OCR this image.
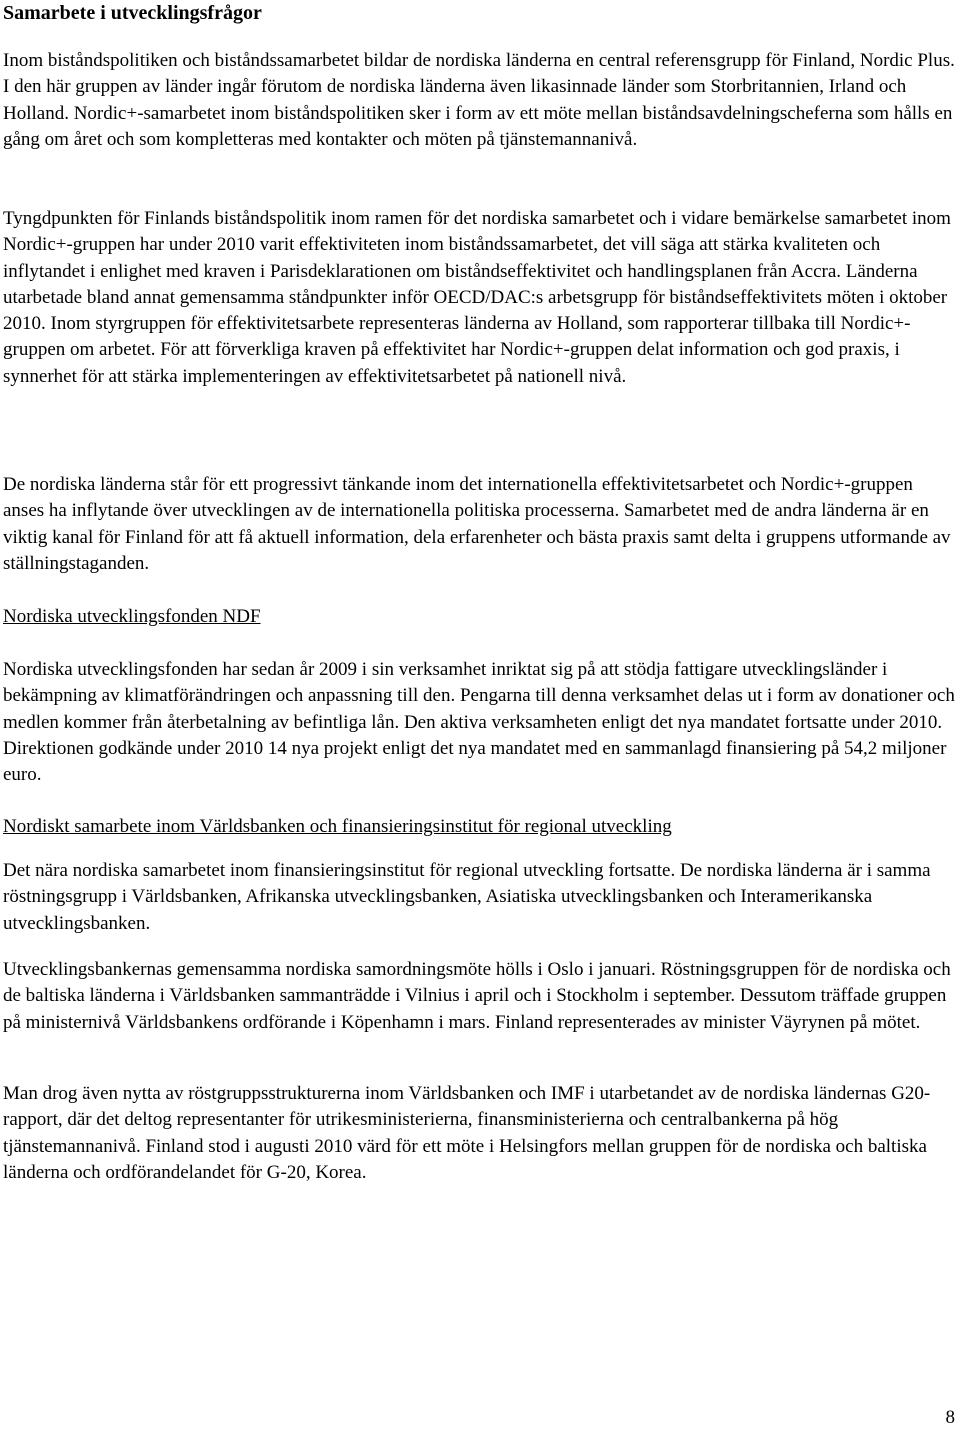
Samarbete i utvecklingsfrågor

Inom biståndspolitiken och biståndssamarbetet bildar de nordiska länderna en central referensgrupp för Finland, Nordic Plus. I den här gruppen av länder ingår förutom de nordiska länderna även likasinnade länder som Storbritannien, Irland och Holland. Nordic+-samarbetet inom biståndspolitiken sker i form av ett möte mellan biståndsavdelningscheferna som hålls en gång om året och som kompletteras med kontakter och möten på tjänstemannanivå.

Tyngdpunkten för Finlands biståndspolitik inom ramen för det nordiska samarbetet och i vidare bemärkelse samarbetet inom Nordic+-gruppen har under 2010 varit effektiviteten inom biståndssamarbetet, det vill säga att stärka kvaliteten och inflytandet i enlighet med kraven i Parisdeklarationen om biståndseffektivitet och handlingsplanen från Accra. Länderna utarbetade bland annat gemensamma ståndpunkter inför OECD/DAC:s arbetsgrupp för biståndseffektivitets möten i oktober 2010. Inom styrgruppen för effektivitetsarbete representeras länderna av Holland, som rapporterar tillbaka till Nordic+-gruppen om arbetet. För att förverkliga kraven på effektivitet har Nordic+-gruppen delat information och god praxis, i synnerhet för att stärka implementeringen av effektivitetsarbetet på nationell nivå.

De nordiska länderna står för ett progressivt tänkande inom det internationella effektivitetsarbetet och Nordic+-gruppen anses ha inflytande över utvecklingen av de internationella politiska processerna. Samarbetet med de andra länderna är en viktig kanal för Finland för att få aktuell information, dela erfarenheter och bästa praxis samt delta i gruppens utformande av ställningstaganden.

Nordiska utvecklingsfonden NDF

Nordiska utvecklingsfonden har sedan år 2009 i sin verksamhet inriktat sig på att stödja fattigare utvecklingsländer i bekämpning av klimatförändringen och anpassning till den. Pengarna till denna verksamhet delas ut i form av donationer och medlen kommer från återbetalning av befintliga lån. Den aktiva verksamheten enligt det nya mandatet fortsatte under 2010. Direktionen godkände under 2010 14 nya projekt enligt det nya mandatet med en sammanlagd finansiering på 54,2 miljoner euro.

Nordiskt samarbete inom Världsbanken och finansieringsinstitut för regional utveckling

Det nära nordiska samarbetet inom finansieringsinstitut för regional utveckling fortsatte. De nordiska länderna är i samma röstningsgrupp i Världsbanken, Afrikanska utvecklingsbanken, Asiatiska utvecklingsbanken och Interamerikanska utvecklingsbanken.

Utvecklingsbankernas gemensamma nordiska samordningsmöte hölls i Oslo i januari. Röstningsgruppen för de nordiska och de baltiska länderna i Världsbanken sammanträdde i Vilnius i april och i Stockholm i september. Dessutom träffade gruppen på ministernivå Världsbankens ordförande i Köpenhamn i mars. Finland representerades av minister Väyrynen på mötet.

Man drog även nytta av röstgruppsstrukturerna inom Världsbanken och IMF i utarbetandet av de nordiska ländernas G20-rapport, där det deltog representanter för utrikesministerierna, finansministerierna och centralbankerna på hög tjänstemannanivå. Finland stod i augusti 2010 värd för ett möte i Helsingfors mellan gruppen för de nordiska och baltiska länderna och ordförandelandet för G-20, Korea.

8
